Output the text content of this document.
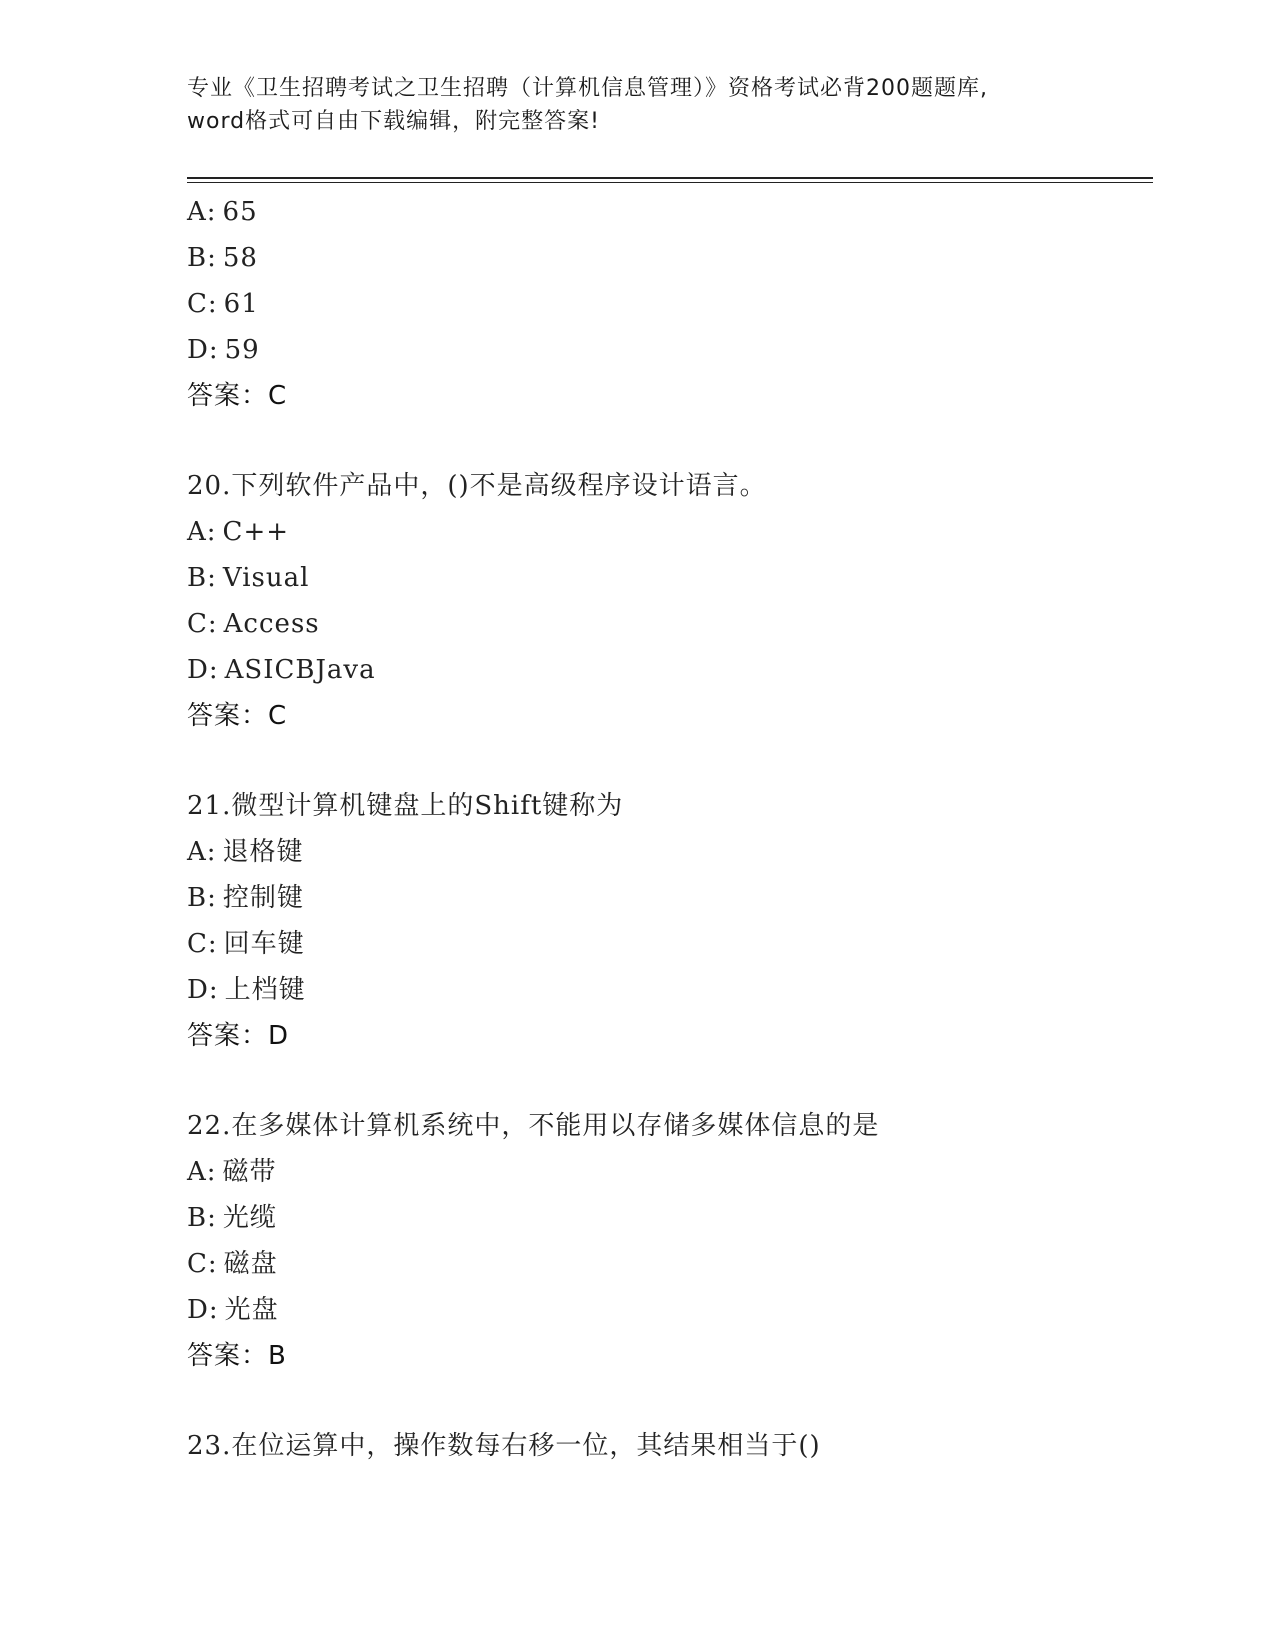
专业《卫生招聘考试之卫生招聘（计算机信息管理）》资格考试必背200题题库,
word格式可自由下载编辑，附完整答案!
A: 65
B: 58
C: 61
D: 59
答案：C
20.下列软件产品中，()不是高级程序设计语言。
A: C++
B: Visual
C: Access
D: ASICBJava
答案：C
21.微型计算机键盘上的Shift键称为
A: 退格键
B: 控制键
C: 回车键
D: 上档键
答案：D
22.在多媒体计算机系统中，不能用以存储多媒体信息的是
A: 磁带
B: 光缆
C: 磁盘
D: 光盘
答案：B
23.在位运算中，操作数每右移一位，其结果相当于()
